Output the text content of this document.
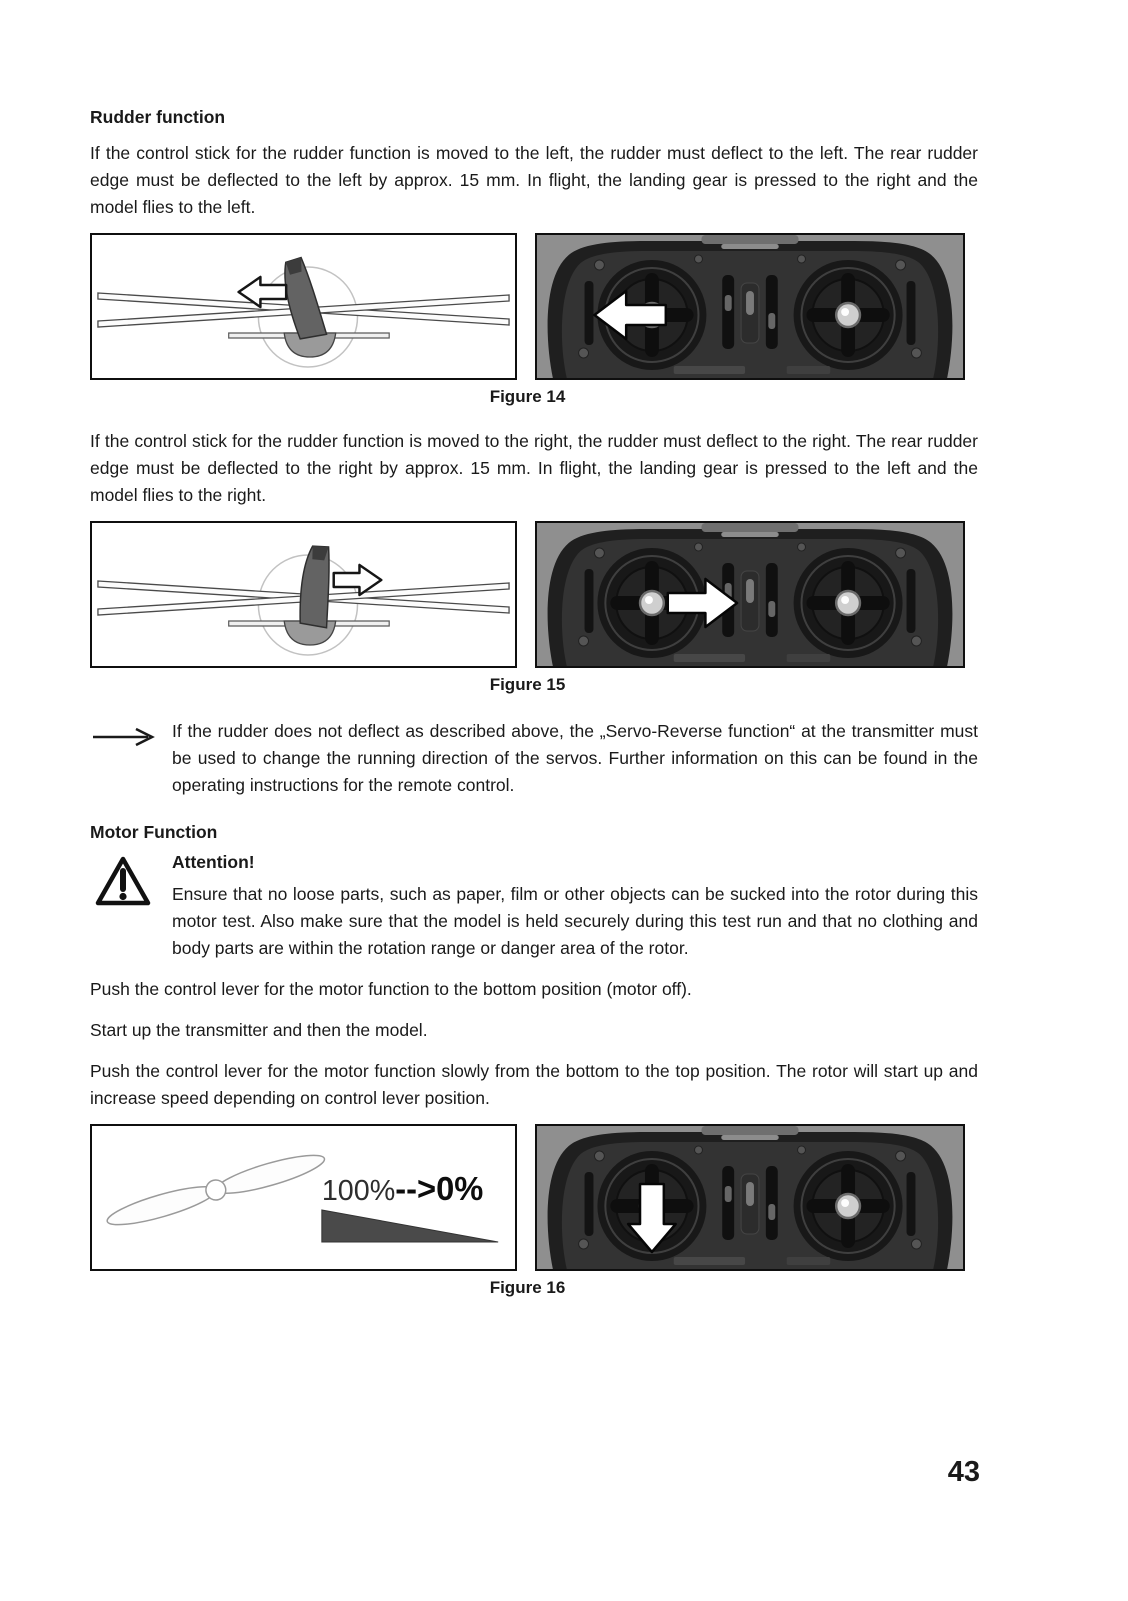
Rudder function

If the control stick for the rudder function is moved to the left, the rudder must deflect to the left. The rear rudder edge must be deflected to the left by approx. 15 mm. In flight, the landing gear is pressed to the right and the model flies to the left.

Figure 14

If the control stick for the rudder function is moved to the right, the rudder must deflect to the right. The rear rudder edge must be deflected to the right by approx. 15 mm. In flight, the landing gear is pressed to the left and the model flies to the right.

Figure 15

If the rudder does not deflect as described above, the „Servo-Reverse function“ at the transmitter must be used to change the running direction of the servos. Further information on this can be found in the operating instructions for the remote control.

Motor Function
Attention!

Ensure that no loose parts, such as paper, film or other objects can be sucked into the rotor during this motor test. Also make sure that the model is held securely during this test run and that no clothing and body parts are within the rotation range or danger area of the rotor.

Push the control lever for the motor function to the bottom position (motor off).

Start up the transmitter and then the model.

Push the control lever for the motor function slowly from the bottom to the top position. The rotor will start up and increase speed depending on control lever position.

100%-->0%
Figure 16
43
